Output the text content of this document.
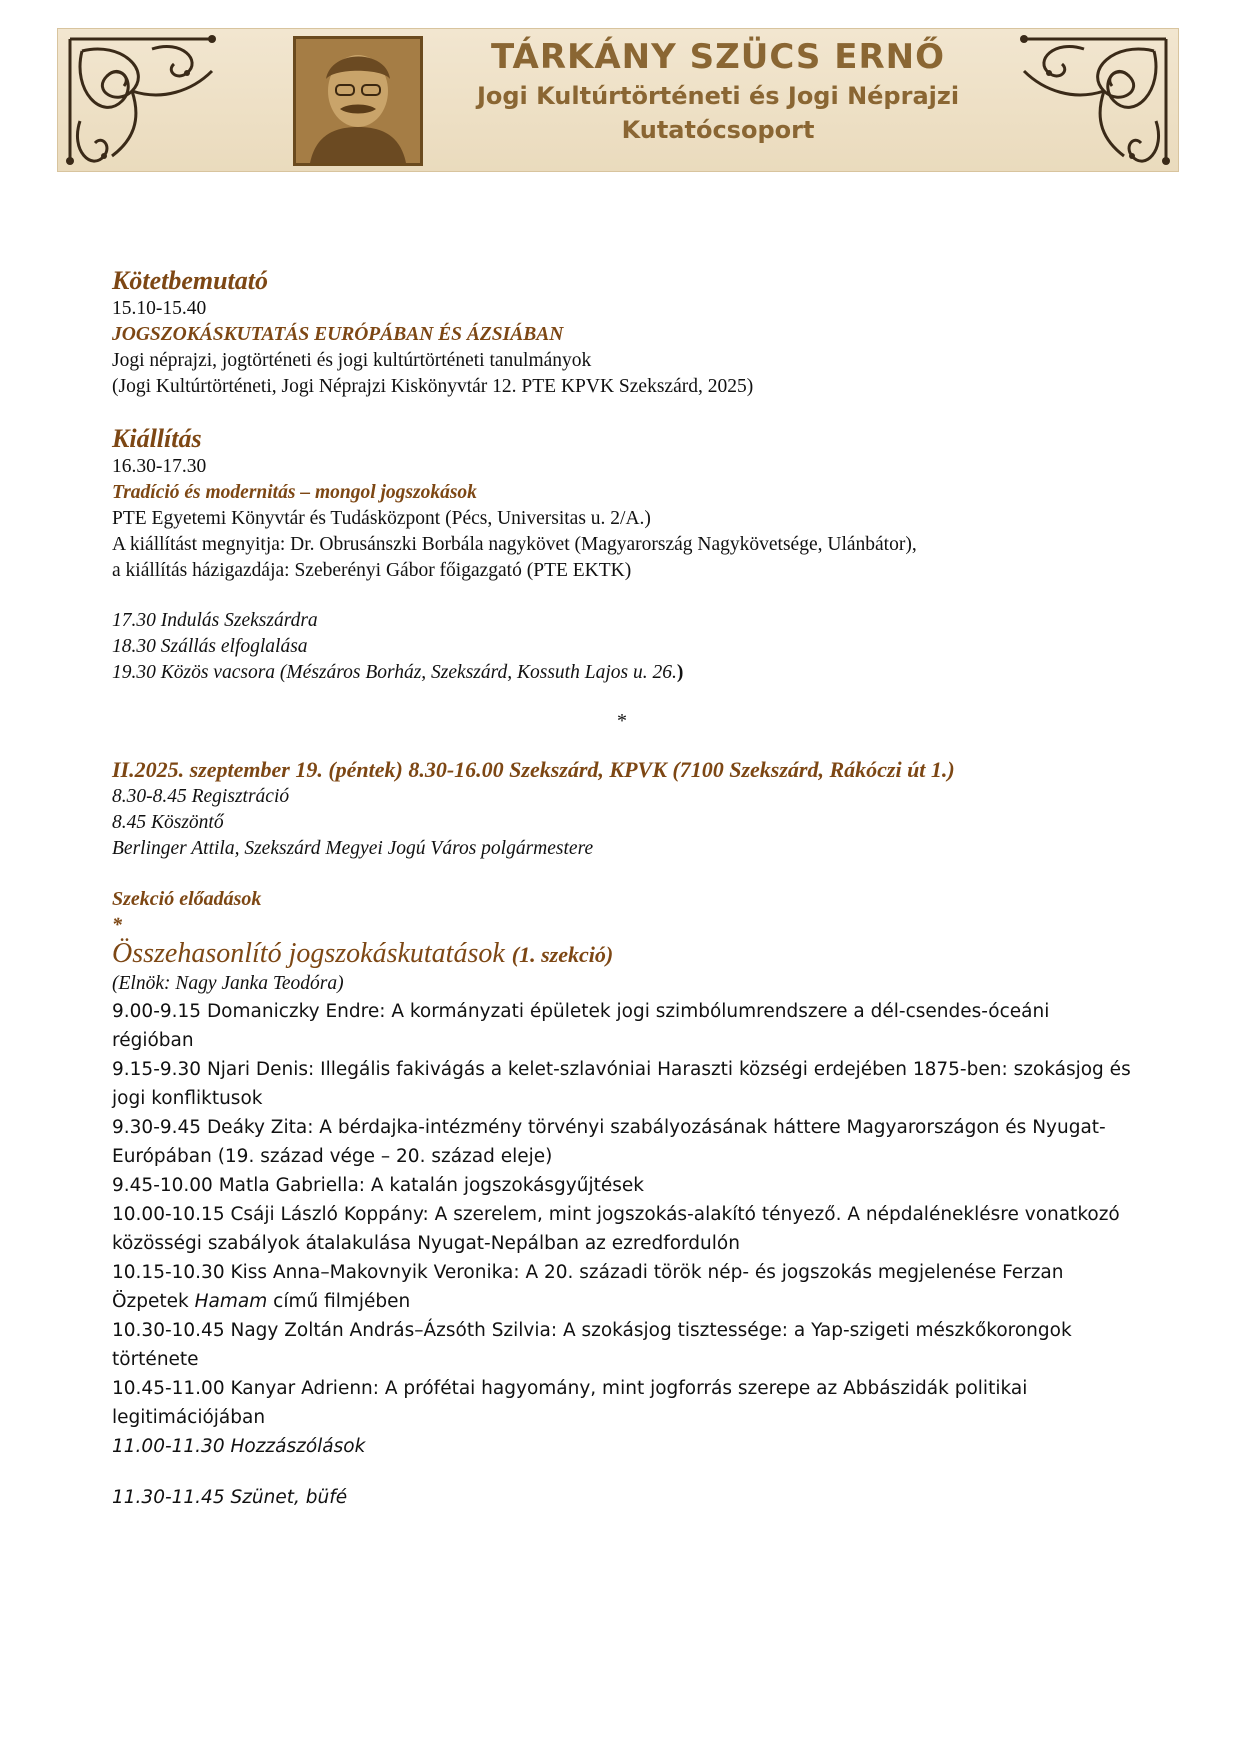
TÁRKÁNY SZÜCS ERNŐ
Jogi Kultúrtörténeti és Jogi Néprajzi
Kutatócsoport
Kötetbemutató
15.10-15.40
JOGSZOKÁSKUTATÁS EURÓPÁBAN ÉS ÁZSIÁBAN
Jogi néprajzi, jogtörténeti és jogi kultúrtörténeti tanulmányok
(Jogi Kultúrtörténeti, Jogi Néprajzi Kiskönyvtár 12. PTE KPVK Szekszárd, 2025)
Kiállítás
16.30-17.30
Tradíció és modernitás – mongol jogszokások
PTE Egyetemi Könyvtár és Tudásközpont (Pécs, Universitas u. 2/A.)
A kiállítást megnyitja: Dr. Obrusánszki Borbála nagykövet (Magyarország Nagykövetsége, Ulánbátor),
a kiállítás házigazdája: Szeberényi Gábor főigazgató (PTE EKTK)
17.30 Indulás Szekszárdra
18.30 Szállás elfoglalása
19.30 Közös vacsora (Mészáros Borház, Szekszárd, Kossuth Lajos u. 26.)
*
II.2025. szeptember 19. (péntek) 8.30-16.00 Szekszárd, KPVK (7100 Szekszárd, Rákóczi út 1.)
8.30-8.45 Regisztráció
8.45 Köszöntő
Berlinger Attila, Szekszárd Megyei Jogú Város polgármestere
Szekció előadások
*
Összehasonlító jogszokáskutatások (1. szekció)
(Elnök: Nagy Janka Teodóra)
9.00-9.15 Domaniczky Endre: A kormányzati épületek jogi szimbólumrendszere a dél-csendes-óceáni régióban
9.15-9.30 Njari Denis: Illegális fakivágás a kelet-szlavóniai Haraszti községi erdejében 1875-ben: szokásjog és jogi konfliktusok
9.30-9.45 Deáky Zita: A bérdajka-intézmény törvényi szabályozásának háttere Magyarországon és Nyugat-Európában (19. század vége – 20. század eleje)
9.45-10.00 Matla Gabriella: A katalán jogszokásgyűjtések
10.00-10.15 Csáji László Koppány: A szerelem, mint jogszokás-alakító tényező. A népdaléneklésre vonatkozó közösségi szabályok átalakulása Nyugat-Nepálban az ezredfordulón
10.15-10.30 Kiss Anna–Makovnyik Veronika: A 20. századi török nép- és jogszokás megjelenése Ferzan Özpetek Hamam című filmjében
10.30-10.45 Nagy Zoltán András–Ázsóth Szilvia: A szokásjog tisztessége: a Yap-szigeti mészkőkorongok története
10.45-11.00 Kanyar Adrienn: A prófétai hagyomány, mint jogforrás szerepe az Abbászidák politikai legitimációjában
11.00-11.30 Hozzászólások
11.30-11.45 Szünet, büfé
